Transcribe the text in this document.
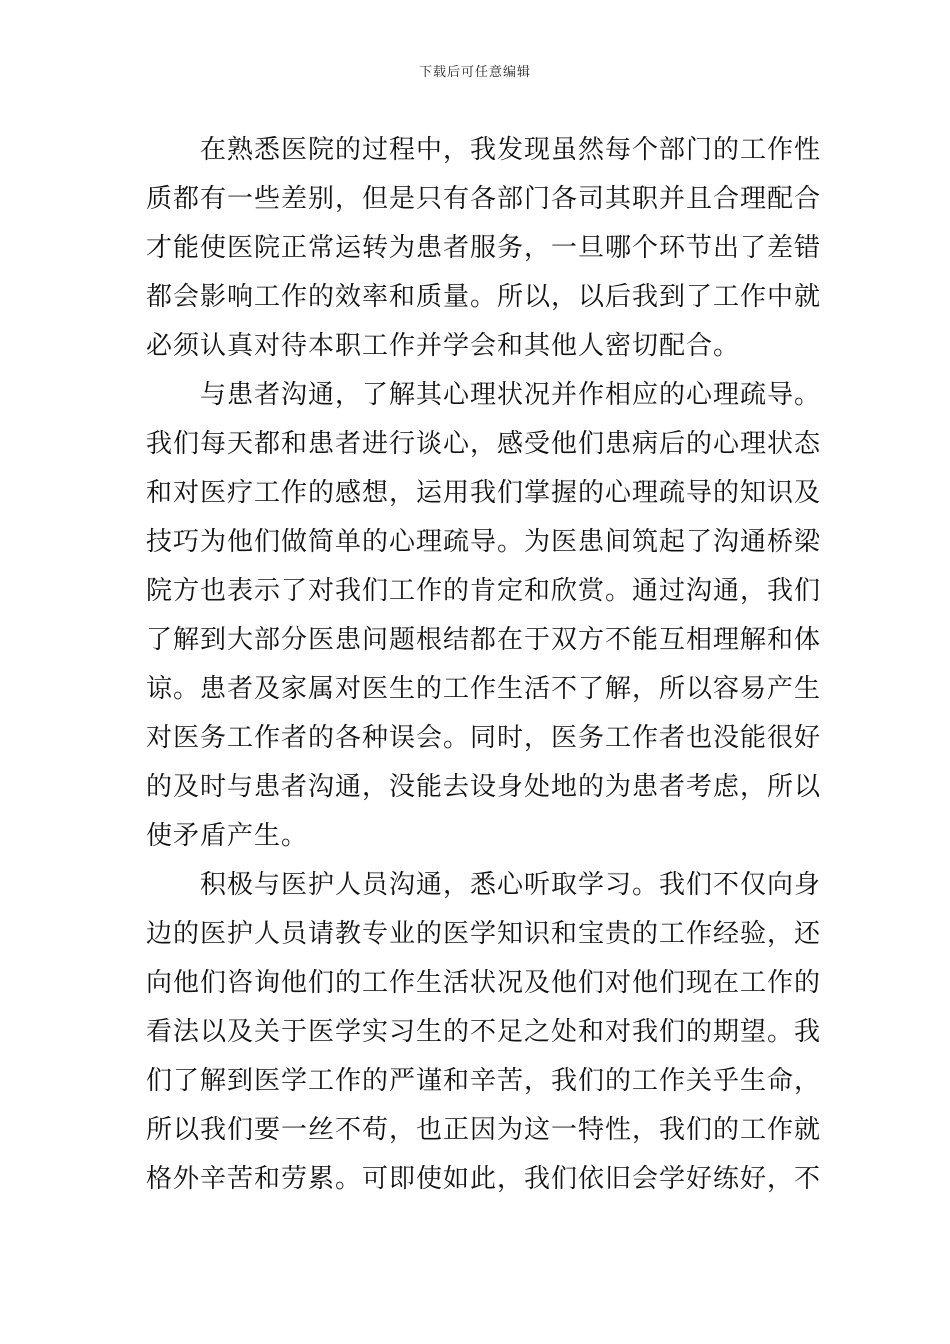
下载后可任意编辑
　　在熟悉医院的过程中，我发现虽然每个部门的工作性
质都有一些差别，但是只有各部门各司其职并且合理配合
才能使医院正常运转为患者服务，一旦哪个环节出了差错
都会影响工作的效率和质量。所以，以后我到了工作中就
必须认真对待本职工作并学会和其他人密切配合。
　　与患者沟通，了解其心理状况并作相应的心理疏导。
我们每天都和患者进行谈心，感受他们患病后的心理状态
和对医疗工作的感想，运用我们掌握的心理疏导的知识及
技巧为他们做简单的心理疏导。为医患间筑起了沟通桥梁
院方也表示了对我们工作的肯定和欣赏。通过沟通，我们
了解到大部分医患问题根结都在于双方不能互相理解和体
谅。患者及家属对医生的工作生活不了解，所以容易产生
对医务工作者的各种误会。同时，医务工作者也没能很好
的及时与患者沟通，没能去设身处地的为患者考虑，所以
使矛盾产生。
　　积极与医护人员沟通，悉心听取学习。我们不仅向身
边的医护人员请教专业的医学知识和宝贵的工作经验，还
向他们咨询他们的工作生活状况及他们对他们现在工作的
看法以及关于医学实习生的不足之处和对我们的期望。我
们了解到医学工作的严谨和辛苦，我们的工作关乎生命，
所以我们要一丝不苟，也正因为这一特性，我们的工作就
格外辛苦和劳累。可即使如此，我们依旧会学好练好，不
